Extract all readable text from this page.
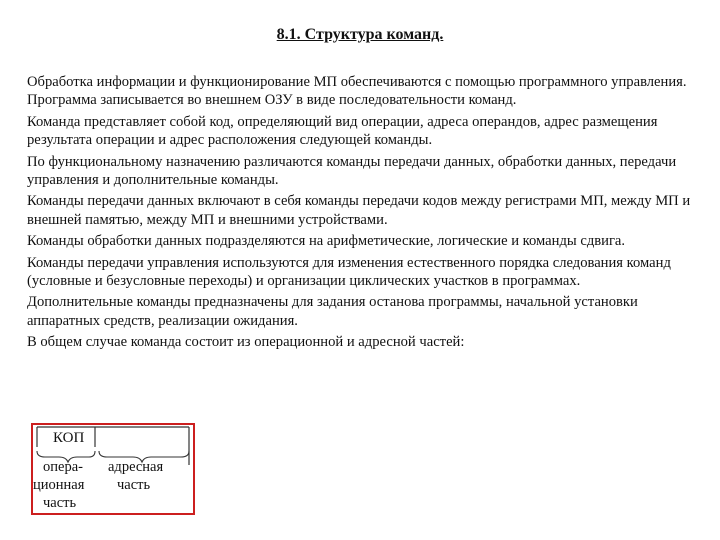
8.1. Структура команд.

Обработка информации и функционирование МП обеспечиваются с помощью программного управления. Программа записывается во внешнем ОЗУ в виде последовательности команд.

Команда представляет собой код, определяющий вид операции, адреса операндов, адрес размещения результата операции и адрес расположения следующей команды.

По функциональному назначению различаются команды передачи данных, обработки данных, передачи управления и дополнительные команды.

Команды передачи данных включают в себя команды передачи кодов между регистрами МП, между МП и внешней памятью, между МП и внешними устройствами.

Команды обработки данных подразделяются на арифметические, логические и команды сдвига.

Команды передачи управления используются для изменения естественного порядка следования команд (условные и безусловные переходы) и организации циклических участков в программах.

Дополнительные команды предназначены для задания останова программы, начальной установки аппаратных средств, реализации ожидания.

В общем случае команда состоит из операционной и адресной частей:

КОП
опера-
ционная
часть
адресная
часть
